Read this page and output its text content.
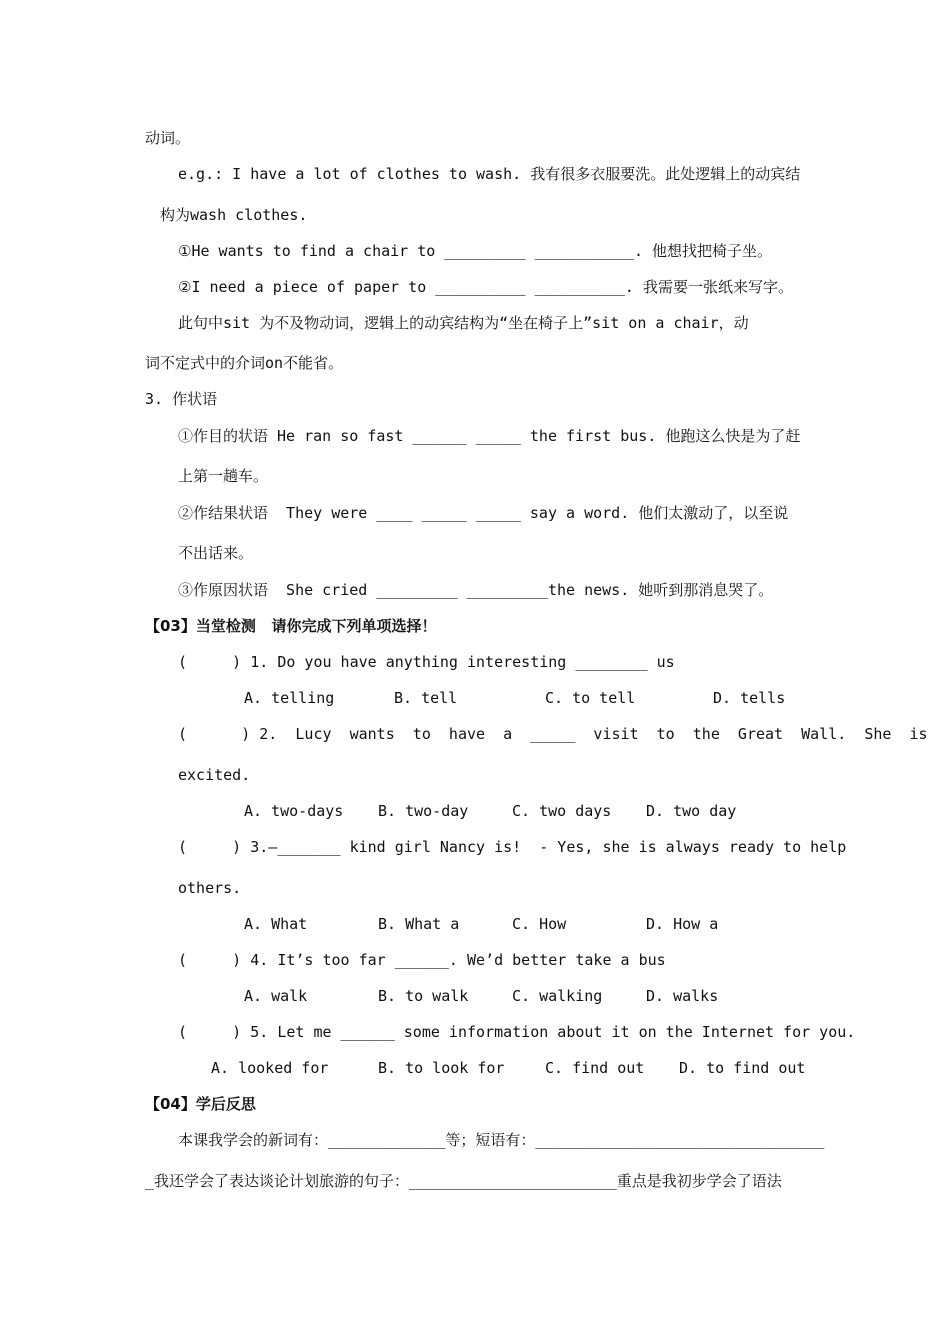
动词。
e.g.: I have a lot of clothes to wash. 我有很多衣服要洗。此处逻辑上的动宾结
构为wash clothes.
①He wants to find a chair to _________ ___________. 他想找把椅子坐。
②I need a piece of paper to __________ __________. 我需要一张纸来写字。
此句中sit 为不及物动词，逻辑上的动宾结构为“坐在椅子上”sit on a chair，动
词不定式中的介词on不能省。
3. 作状语
①作目的状语 He ran so fast ______ _____ the first bus. 他跑这么快是为了赶
上第一趟车。
②作结果状语  They were ____ _____ _____ say a word. 他们太激动了，以至说
不出话来。
③作原因状语  She cried _________ _________the news. 她听到那消息哭了。
【03】当堂检测   请你完成下列单项选择！
(     ) 1. Do you have anything interesting ________ us
A. telling	B. tell	C. to tell	D. tells
(      ) 2.  Lucy  wants  to  have  a  _____  visit  to  the  Great  Wall.  She  is
excited.
A. two-days B. two-day	C. two days D. two day
(     ) 3.—_______ kind girl Nancy is!  - Yes, she is always ready to help
others.
A. What	B. What a	C. How	D. How a
(     ) 4. It’s too far ______. We’d better take a bus
A. walk	B. to walk	C. walking	D. walks
(     ) 5. Let me ______ some information about it on the Internet for you.
A. looked for	B. to look for	C. find out D. to find out
【04】学后反思
本课我学会的新词有：_____________等；短语有：________________________________
_我还学会了表达谈论计划旅游的句子：_______________________重点是我初步学会了语法
